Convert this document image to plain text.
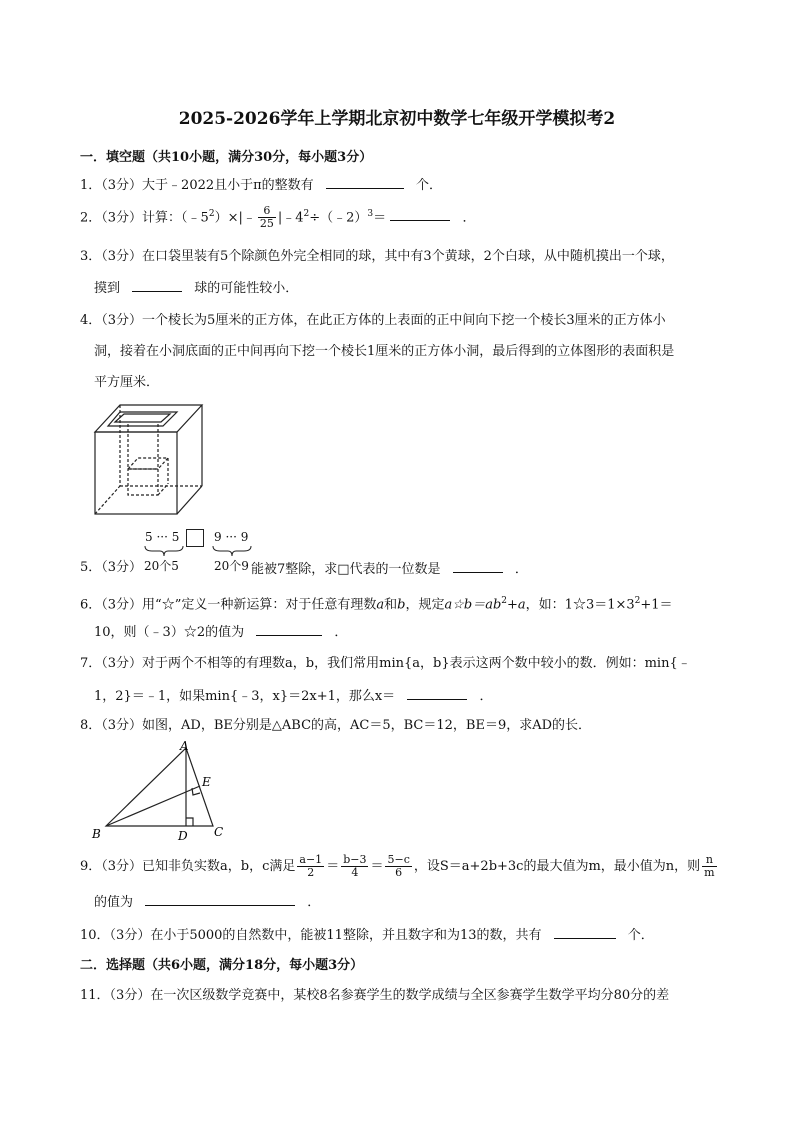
2025-2026学年上学期北京初中数学七年级开学模拟考2
一．填空题（共10小题，满分30分，每小题3分）
1．（3分）大于﹣2022且小于π的整数有	个．
2．（3分）计算：$(﹣5^2)\times|﹣ \frac{6}{25}$ $|﹣4^2\div(﹣2)^3=$	．
3．（3分）在口袋里装有5个除颜色外完全相同的球，其中有3个黄球，2个白球，从中随机摸出一个球，
摸到	球的可能性较小．
4．（3分）一个棱长为5厘米的正方体，在此正方体的上表面的正中间向下挖一个棱长3厘米的正方体小
洞，接着在小洞底面的正中间再向下挖一个棱长1厘米的正方体小洞，最后得到的立体图形的表面积是
平方厘米．
5 ··· 5	9 ··· 9
20个5	20个9
5．（3分）	能被7整除，求□代表的一位数是	．
6．（3分）用“☆”定义一种新运算：对于任意有理数a和b，规定$a☆b=ab^2+a$，如：$1☆3=1\times 3^2+1=$
10，则（﹣3）☆2的值为	．
7．（3分）对于两个不相等的有理数a，b，我们常用min{a，b}表示这两个数中较小的数．例如：min{﹣
1，2}＝﹣1，如果min{﹣3，x}＝2x+1，那么x＝	．
8．（3分）如图，AD，BE分别是△ABC的高，AC＝5，BC＝12，BE＝9，求AD的长．
A
E
B	D C
9．（3分）已知非负实数a，b，c满足 $\frac{a-1}{2} = \frac{b-3}{4} = \frac{5-c}{6}$ ，设S＝a+2b+3c的最大值为m，最小值为n，则 $\frac{n}{m}$
的值为	．
10．（3分）在小于5000的自然数中，能被11整除，并且数字和为13的数，共有	个．
二．选择题（共6小题，满分18分，每小题3分）
11．（3分）在一次区级数学竞赛中，某校8名参赛学生的数学成绩与全区参赛学生数学平均分80分的差
